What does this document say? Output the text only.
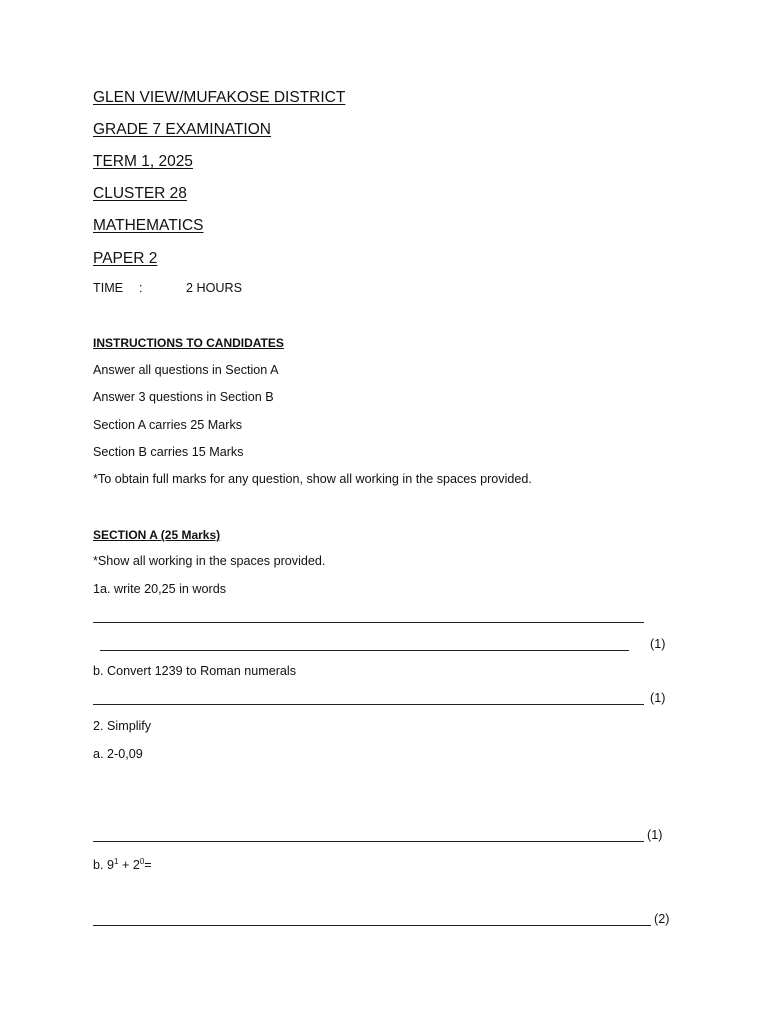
GLEN VIEW/MUFAKOSE DISTRICT
GRADE 7 EXAMINATION
TERM 1, 2025
CLUSTER 28
MATHEMATICS
PAPER 2
TIME :	2 HOURS
INSTRUCTIONS TO CANDIDATES
Answer all questions in Section A
Answer 3 questions in Section B
Section A carries 25 Marks
Section B carries 15 Marks
*To obtain full marks for any question, show all working in the spaces provided.
SECTION A (25 Marks)
*Show all working in the spaces provided.
1a. write 20,25 in words
(1)
b. Convert 1239 to Roman numerals
(1)
2. Simplify
a. 2-0,09
(1)
b. $9^1 + 2^0=$
(2)
